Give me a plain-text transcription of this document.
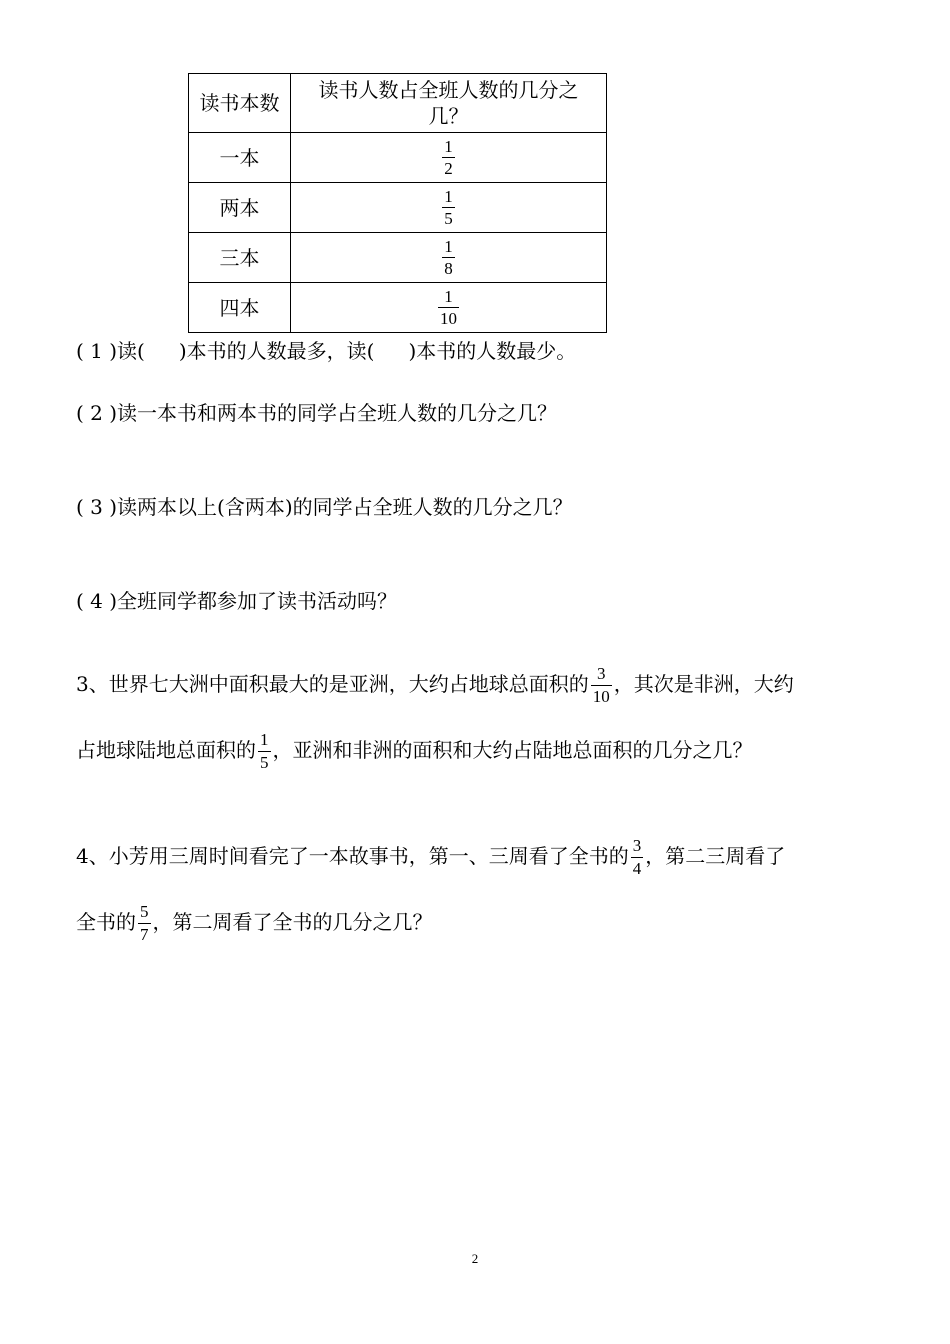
读书本数	读书人数占全班人数的几分之几？
一本	$\frac{1}{2}$

两本	$\frac{1}{5}$

三本	$\frac{1}{8}$

四本	$\frac{1}{10}$
( 1 )读( )本书的人数最多，读( )本书的人数最少。
( 2 )读一本书和两本书的同学占全班人数的几分之几？
( 3 )读两本以上(含两本)的同学占全班人数的几分之几？
( 4 )全班同学都参加了读书活动吗？
3、世界七大洲中面积最大的是亚洲，大约占地球总面积的 $\frac{3}{10}$ ，其次是非洲，大约
占地球陆地总面积的 $\frac{1}{5}$ ，亚洲和非洲的面积和大约占陆地总面积的几分之几？
4、小芳用三周时间看完了一本故事书，第一、三周看了全书的 $\frac{3}{4}$ ，第二三周看了
全书的 $\frac{5}{7}$ ，第二周看了全书的几分之几？
2
